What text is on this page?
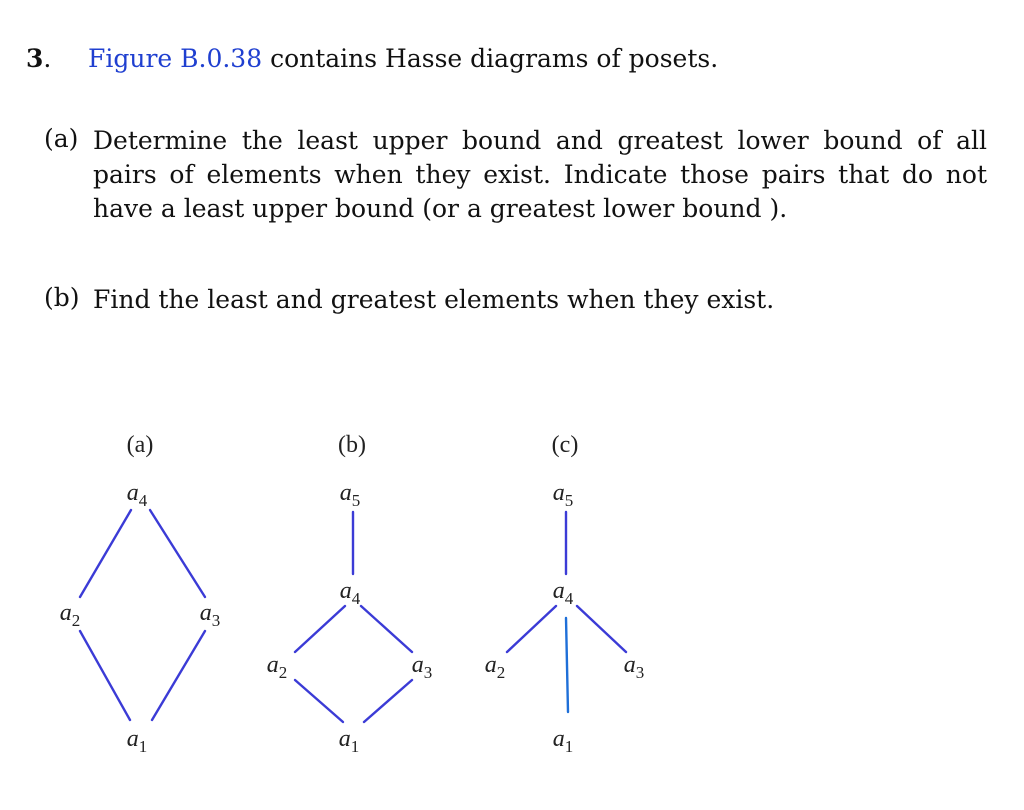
3. Figure B.0.38 contains Hasse diagrams of posets.
(a) Determine the least upper bound and greatest lower bound of all pairs of elements when they exist. Indicate those pairs that do not have a least upper bound (or a greatest lower bound ).
(b) Find the least and greatest elements when they exist.
(a)
$a_4$
$a_2$	$a_3$
$a_1$
(b)
$a_5$
$a_4$
$a_2$	$a_3$
$a_1$
(c)
$a_5$
$a_4$
$a_2$	$a_3$
$a_1$
